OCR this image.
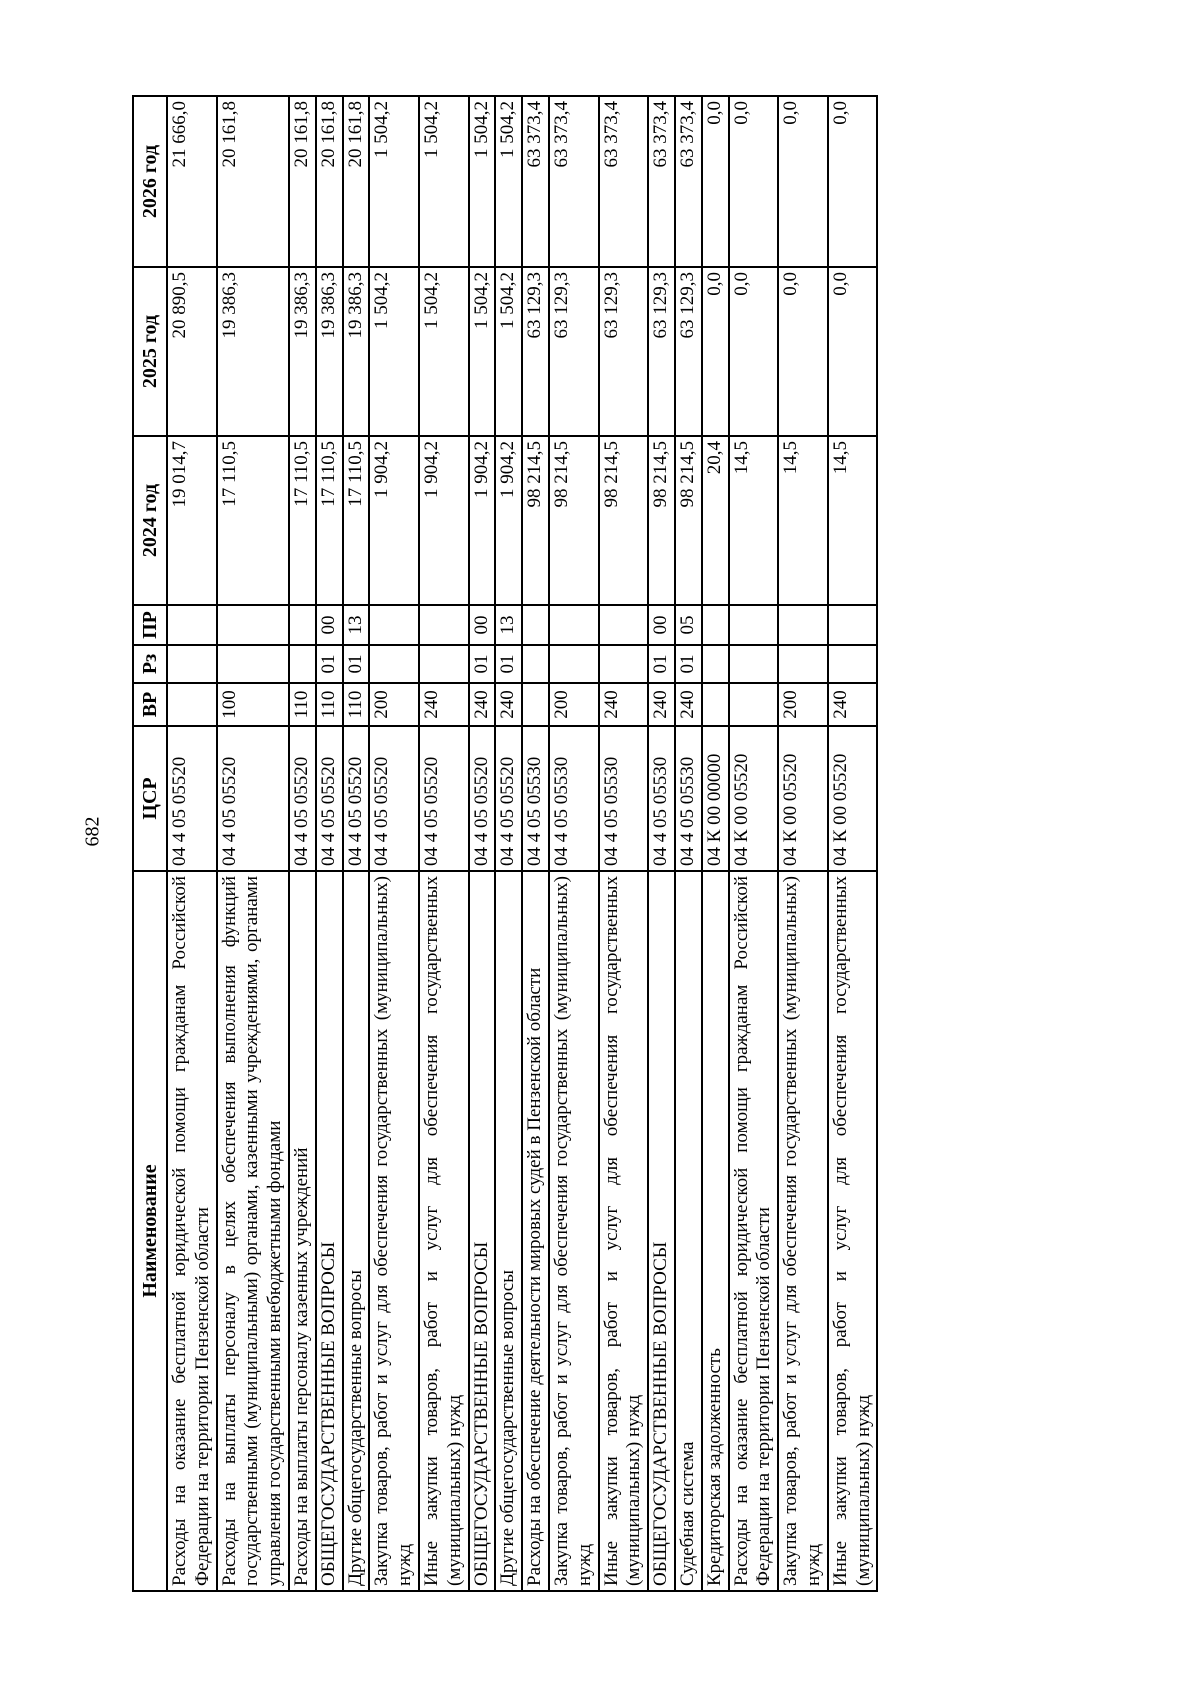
682
Наименование	ЦСР	ВР	Рз	ПР	2024 год	2025 год	2026 год
Расходы на оказание бесплатной юридической помощи гражданам Российской Федерации на территории Пензенской области	04 4 05 05520				19 014,7	20 890,5	21 666,0
Расходы на выплаты персоналу в целях обеспечения выполнения функций государственными (муниципальными) органами, казенными учреждениями, органами управления государственными внебюджетными фондами	04 4 05 05520	100			17 110,5	19 386,3	20 161,8
Расходы на выплаты персоналу казенных учреждений	04 4 05 05520	110			17 110,5	19 386,3	20 161,8
ОБЩЕГОСУДАРСТВЕННЫЕ ВОПРОСЫ	04 4 05 05520	110	01	00	17 110,5	19 386,3	20 161,8
Другие общегосударственные вопросы	04 4 05 05520	110	01	13	17 110,5	19 386,3	20 161,8
Закупка товаров, работ и услуг для обеспечения государственных (муниципальных) нужд	04 4 05 05520	200			1 904,2	1 504,2	1 504,2
Иные закупки товаров, работ и услуг для обеспечения государственных (муниципальных) нужд	04 4 05 05520	240			1 904,2	1 504,2	1 504,2
ОБЩЕГОСУДАРСТВЕННЫЕ ВОПРОСЫ	04 4 05 05520	240	01	00	1 904,2	1 504,2	1 504,2
Другие общегосударственные вопросы	04 4 05 05520	240	01	13	1 904,2	1 504,2	1 504,2
Расходы на обеспечение деятельности мировых судей в Пензенской области	04 4 05 05530				98 214,5	63 129,3	63 373,4
Закупка товаров, работ и услуг для обеспечения государственных (муниципальных) нужд	04 4 05 05530	200			98 214,5	63 129,3	63 373,4
Иные закупки товаров, работ и услуг для обеспечения государственных (муниципальных) нужд	04 4 05 05530	240			98 214,5	63 129,3	63 373,4
ОБЩЕГОСУДАРСТВЕННЫЕ ВОПРОСЫ	04 4 05 05530	240	01	00	98 214,5	63 129,3	63 373,4
Судебная система	04 4 05 05530	240	01	05	98 214,5	63 129,3	63 373,4
Кредиторская задолженность	04 К 00 00000				20,4	0,0	0,0
Расходы на оказание бесплатной юридической помощи гражданам Российской Федерации на территории Пензенской области	04 К 00 05520				14,5	0,0	0,0
Закупка товаров, работ и услуг для обеспечения государственных (муниципальных) нужд	04 К 00 05520	200			14,5	0,0	0,0
Иные закупки товаров, работ и услуг для обеспечения государственных (муниципальных) нужд	04 К 00 05520	240			14,5	0,0	0,0
